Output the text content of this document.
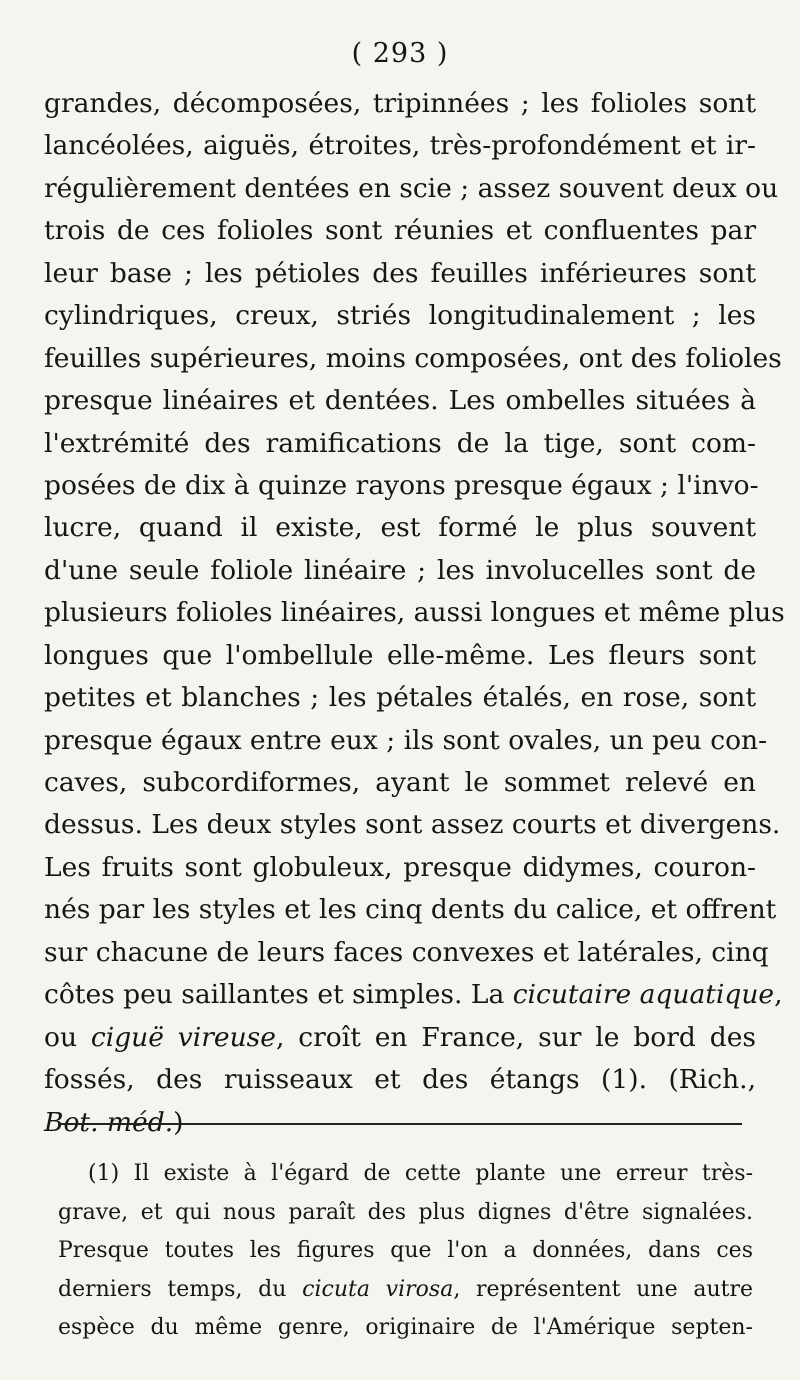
( 293 )
grandes, décomposées, tripinnées ; les folioles sont
lancéolées, aiguës, étroites, très-profondément et ir-
régulièrement dentées en scie ; assez souvent deux ou
trois de ces folioles sont réunies et confluentes par
leur base ; les pétioles des feuilles inférieures sont
cylindriques, creux, striés longitudinalement ; les
feuilles supérieures, moins composées, ont des folioles
presque linéaires et dentées. Les ombelles situées à
l'extrémité des ramifications de la tige, sont com-
posées de dix à quinze rayons presque égaux ; l'invo-
lucre, quand il existe, est formé le plus souvent
d'une seule foliole linéaire ; les involucelles sont de
plusieurs folioles linéaires, aussi longues et même plus
longues que l'ombellule elle-même. Les fleurs sont
petites et blanches ; les pétales étalés, en rose, sont
presque égaux entre eux ; ils sont ovales, un peu con-
caves, subcordiformes, ayant le sommet relevé en
dessus. Les deux styles sont assez courts et divergens.
Les fruits sont globuleux, presque didymes, couron-
nés par les styles et les cinq dents du calice, et offrent
sur chacune de leurs faces convexes et latérales, cinq
côtes peu saillantes et simples. La cicutaire aquatique,
ou ciguë vireuse, croît en France, sur le bord des
fossés, des ruisseaux et des étangs (1). (Rich.,
Bot. méd.)
(1) Il existe à l'égard de cette plante une erreur très-
grave, et qui nous paraît des plus dignes d'être signalées.
Presque toutes les figures que l'on a données, dans ces
derniers temps, du cicuta virosa, représentent une autre
espèce du même genre, originaire de l'Amérique septen-
